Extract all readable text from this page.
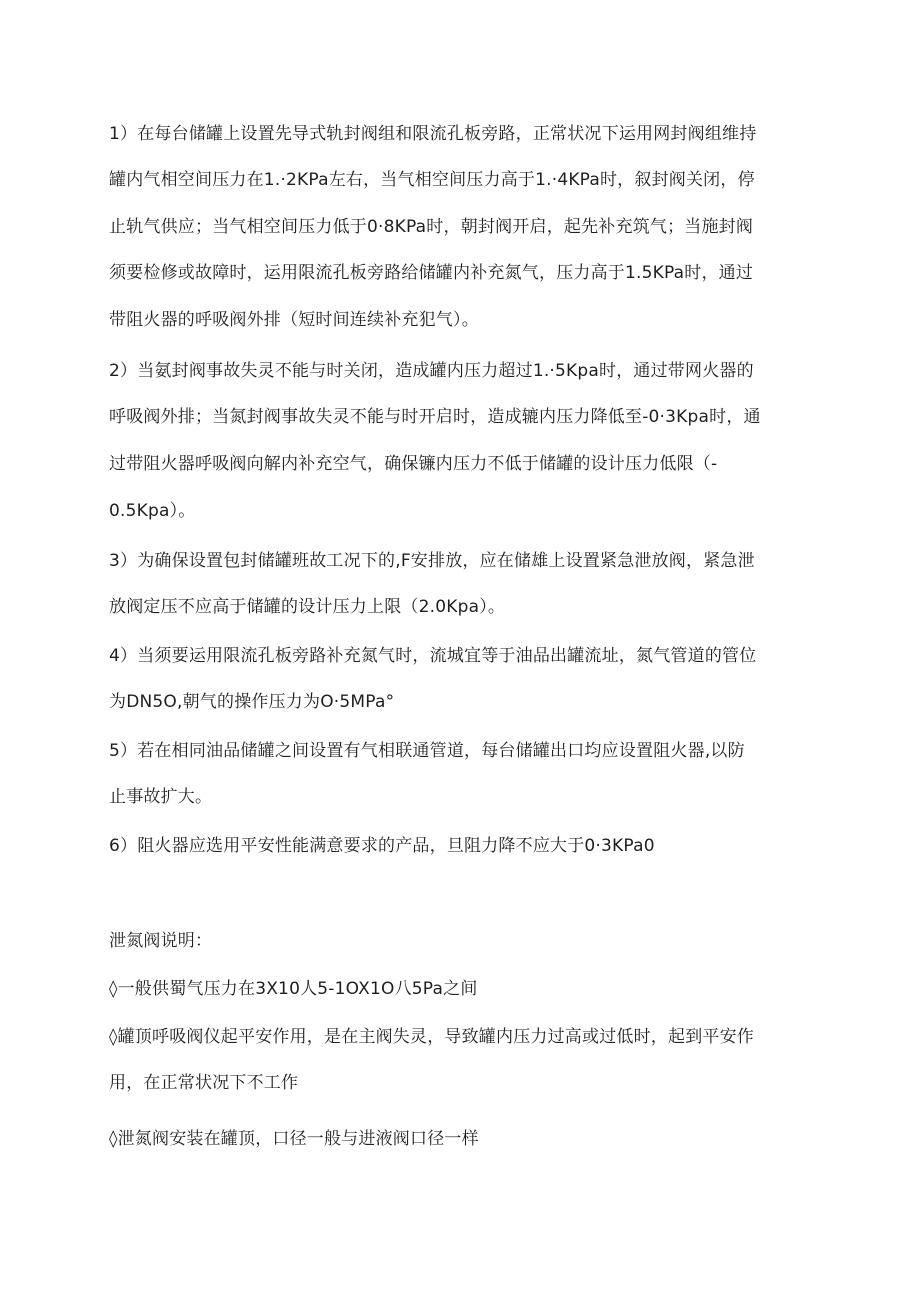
1）在每台储罐上设置先导式轨封阀组和限流孔板旁路，正常状况下运用网封阀组维持

罐内气相空间压力在1.·2KPa左右，当气相空间压力高于1.·4KPa时，叙封阀关闭，停

止轨气供应；当气相空间压力低于0·8KPa时，朝封阀开启，起先补充筑气；当施封阀

须要检修或故障时，运用限流孔板旁路给储罐内补充氮气，压力高于1.5KPa时，通过

带阻火器的呼吸阀外排（短时间连续补充犯气）。

2）当氨封阀事故失灵不能与时关闭，造成罐内压力超过1.·5Kpa时，通过带网火器的

呼吸阀外排；当氮封阀事故失灵不能与时开启时，造成辘内压力降低至-0·3Kpa时，通

过带阻火器呼吸阀向解内补充空气，确保镰内压力不低于储罐的设计压力低限（-

0.5Kpa）。

3）为确保设置包封储罐班故工况下的,F安排放，应在储雄上设置紧急泄放阀，紧急泄

放阀定压不应高于储罐的设计压力上限（2.0Kpa）。

4）当须要运用限流孔板旁路补充氮气时，流城宜等于油品出罐流址，氮气管道的管位

为DN5O,朝气的操作压力为O·5MPa°

5）若在相同油品储罐之间设置有气相联通管道，每台储罐出口均应设置阻火器,以防

止事故扩大。

6）阻火器应选用平安性能满意要求的产品，旦阻力降不应大于0·3KPa0

泄氮阀说明：

◊一般供蜀气压力在3X10人5-1OX1O八5Pa之间

◊罐顶呼吸阀仪起平安作用，是在主阀失灵，导致罐内压力过高或过低时，起到平安作

用，在正常状况下不工作

◊泄氮阀安装在罐顶，口径一般与进液阀口径一样
